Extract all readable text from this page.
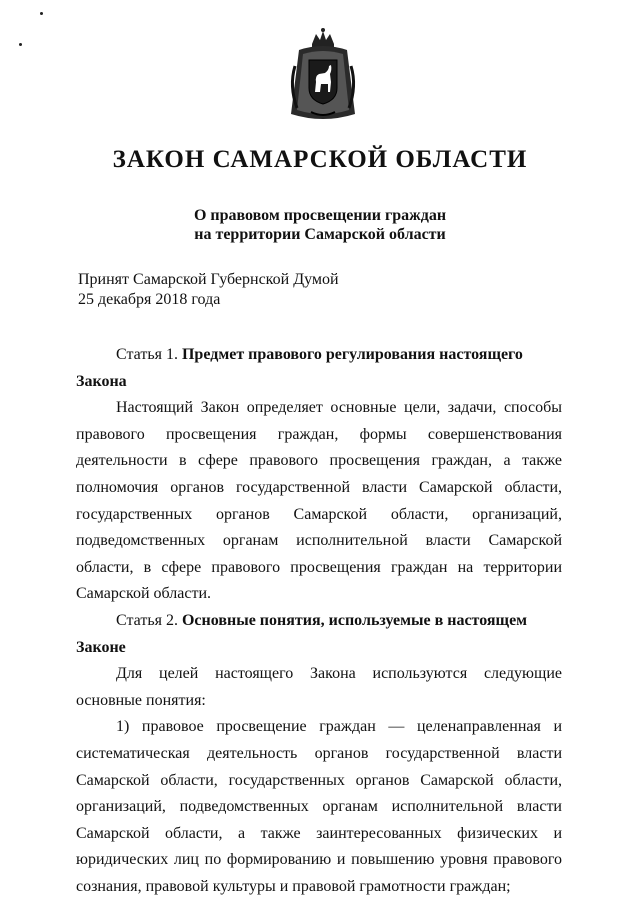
ЗАКОН САМАРСКОЙ ОБЛАСТИ
О правовом просвещении граждан
на территории Самарской области
Принят Самарской Губернской Думой
25 декабря 2018 года

Статья 1. Предмет правового регулирования настоящего Закона

Настоящий Закон определяет основные цели, задачи, способы правового просвещения граждан, формы совершенствования деятельности в сфере правового просвещения граждан, а также полномочия органов государственной власти Самарской области, государственных органов Самарской области, организаций, подведомственных органам исполнительной власти Самарской области, в сфере правового просвещения граждан на территории Самарской области.

Статья 2. Основные понятия, используемые в настоящем Законе

Для целей настоящего Закона используются следующие основные понятия:

1) правовое просвещение граждан — целенаправленная и систематическая деятельность органов государственной власти Самарской области, государственных органов Самарской области, организаций, подведомственных органам исполнительной власти Самарской области, а также заинтересованных физических и юридических лиц по формированию и повышению уровня правового сознания, правовой культуры и правовой грамотности граждан;
